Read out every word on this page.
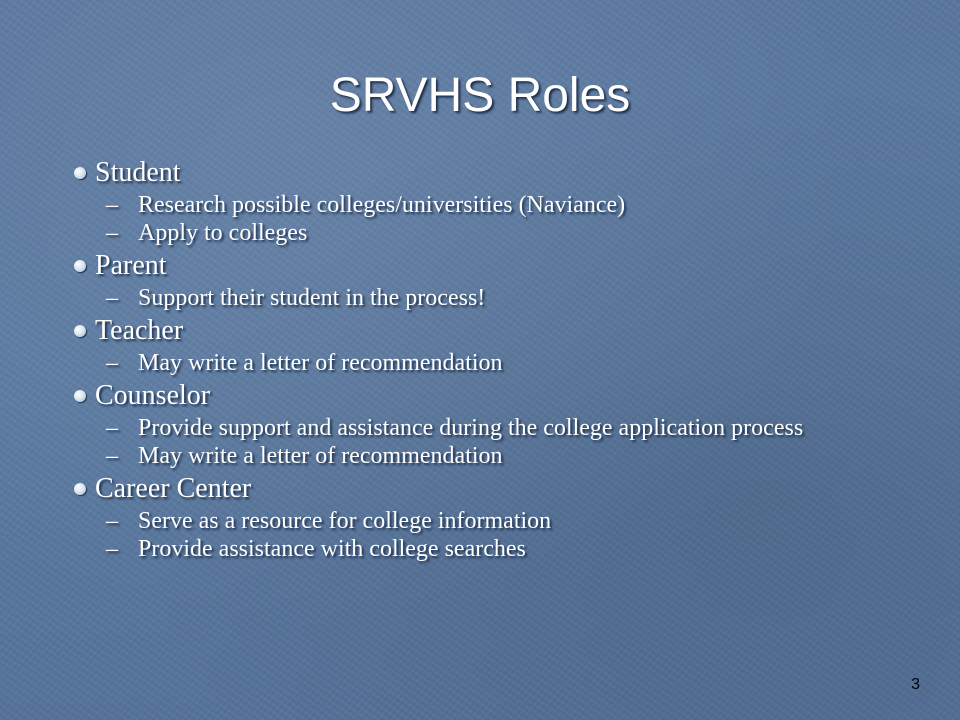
SRVHS Roles
Student
– Research possible colleges/universities (Naviance)
– Apply to colleges
Parent
– Support their student in the process!
Teacher
– May write a letter of recommendation
Counselor
– Provide support and assistance during the college application process
– May write a letter of recommendation
Career Center
– Serve as a resource for college information
– Provide assistance with college searches
3
